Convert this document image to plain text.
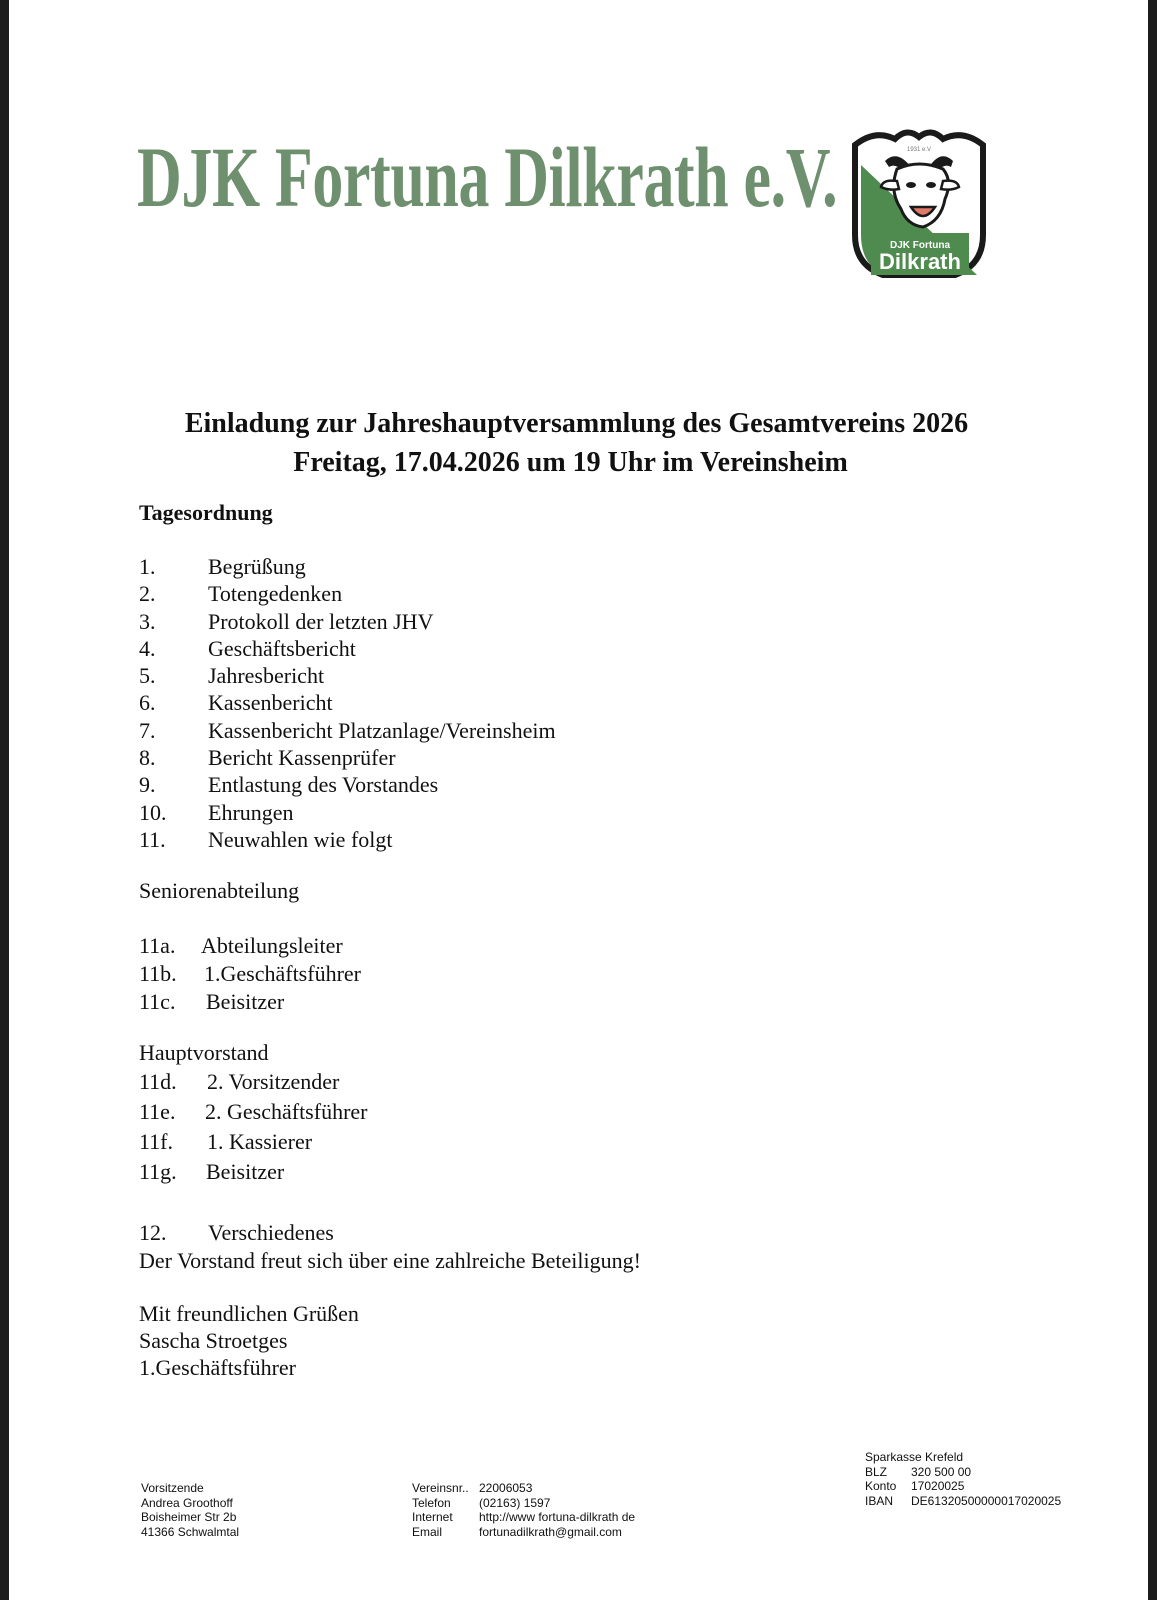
DJK Fortuna Dilkrath e.V.	1931 e.V
DJK Fortuna
Dilkrath
Einladung zur Jahreshauptversammlung des Gesamtvereins 2026
Freitag, 17.04.2026 um 19 Uhr im Vereinsheim
Tagesordnung
1. Begrüßung
2. Totengedenken
3. Protokoll der letzten JHV
4. Geschäftsbericht
5. Jahresbericht
6. Kassenbericht
7. Kassenbericht Platzanlage/Vereinsheim
8. Bericht Kassenprüfer
9. Entlastung des Vorstandes
10. Ehrungen
11. Neuwahlen wie folgt
Seniorenabteilung
11a. Abteilungsleiter
11b. 1.Geschäftsführer
11c. Beisitzer
Hauptvorstand
11d. 2. Vorsitzender
11e. 2. Geschäftsführer
11f. 1. Kassierer
11g. Beisitzer
12. Verschiedenes
Der Vorstand freut sich über eine zahlreiche Beteiligung!
Mit freundlichen Grüßen
Sascha Stroetges
1.Geschäftsführer
Vorsitzende
Andrea Groothoff
Boisheimer Str 2b
41366 Schwalmtal
Vereinsnr.. 22006053
Telefon	(02163) 1597
Internet	http://www fortuna-dilkrath de
Email	fortunadilkrath@gmail.com
Sparkasse Krefeld
BLZ	320 500 00
Konto	17020025
IBAN	DE61320500000017020025
